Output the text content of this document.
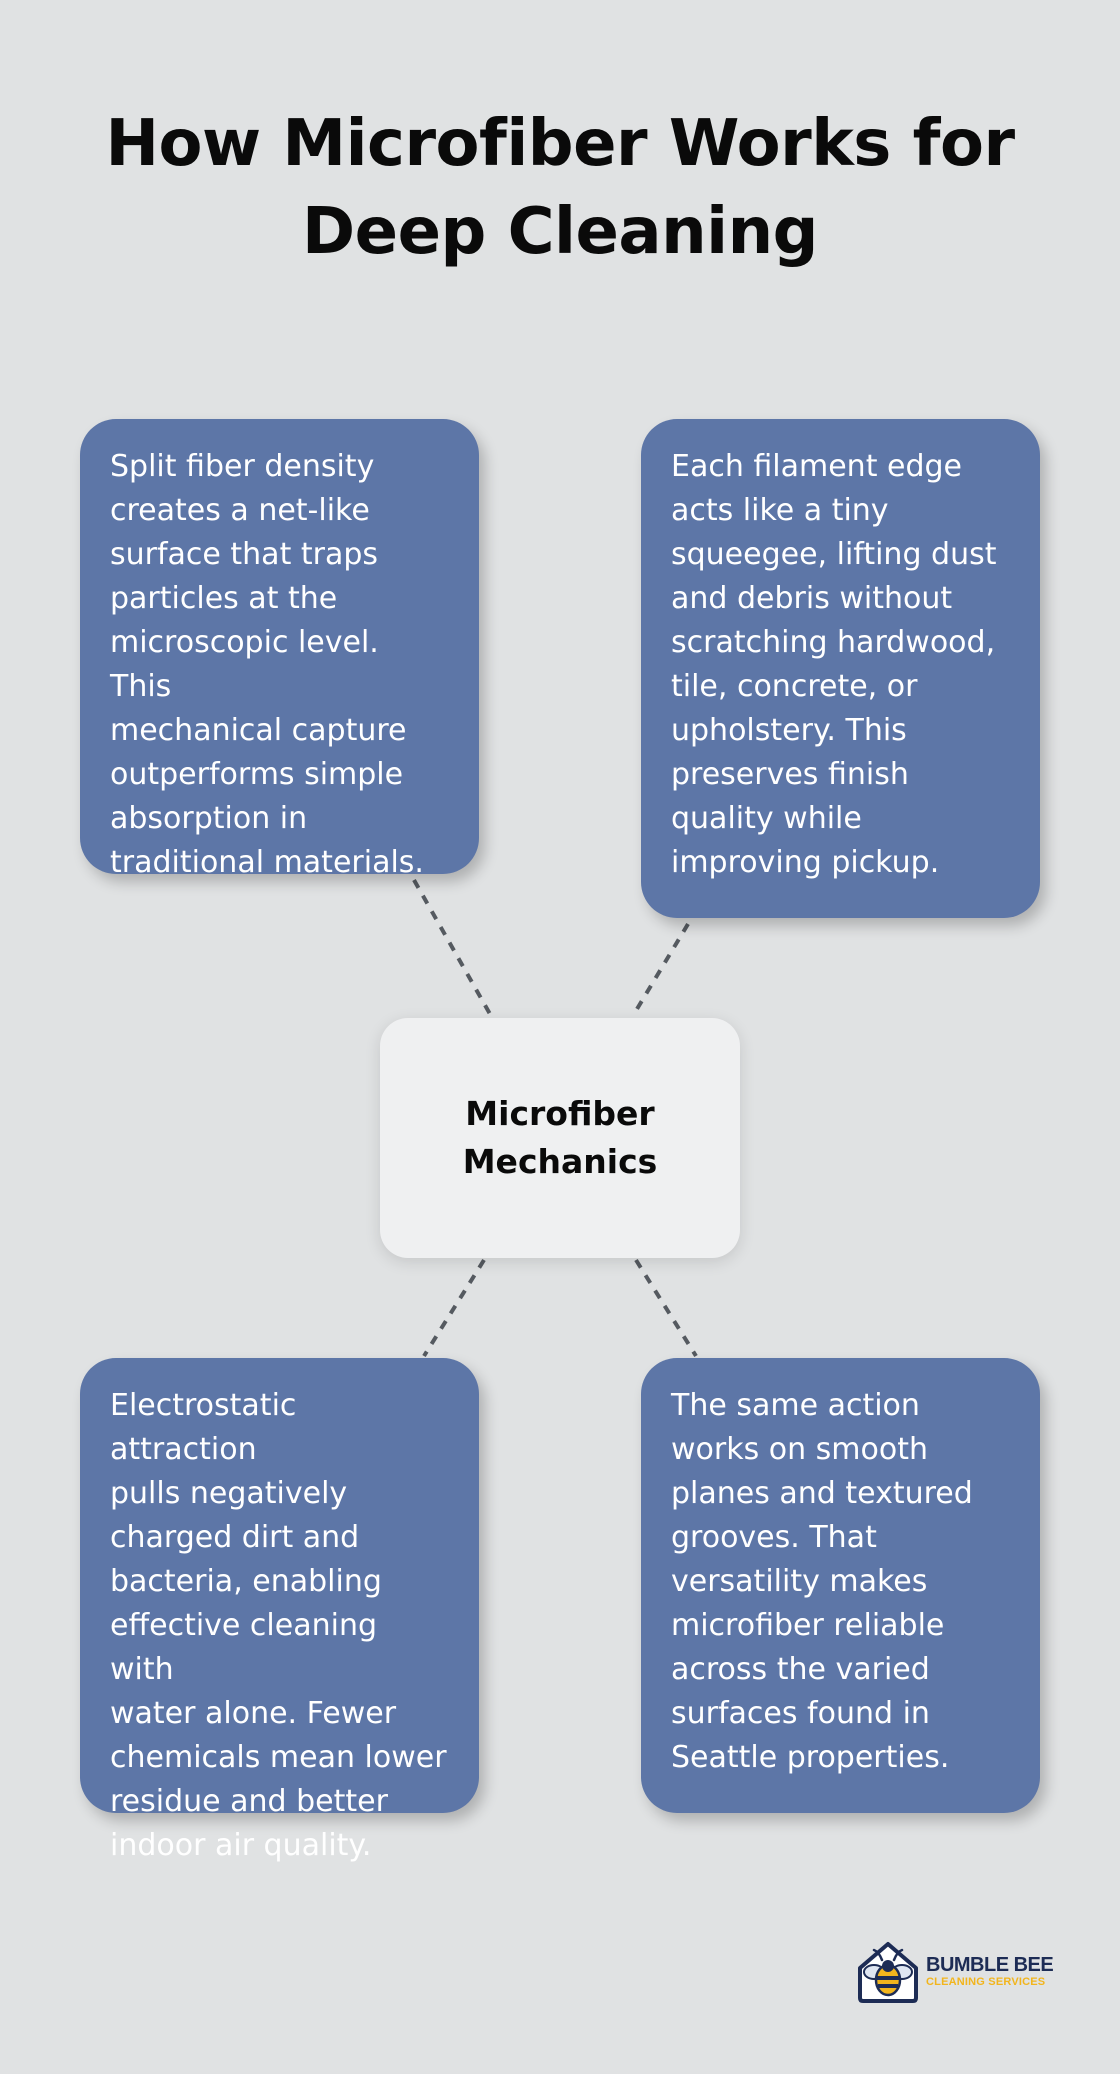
How Microfiber Works for
Deep Cleaning
Split fiber density
creates a net-like
surface that traps
particles at the
microscopic level. This
mechanical capture
outperforms simple
absorption in
traditional materials.
Each filament edge
acts like a tiny
squeegee, lifting dust
and debris without
scratching hardwood,
tile, concrete, or
upholstery. This
preserves finish
quality while
improving pickup.
Microfiber
Mechanics
Electrostatic attraction
pulls negatively
charged dirt and
bacteria, enabling
effective cleaning with
water alone. Fewer
chemicals mean lower
residue and better
indoor air quality.
The same action
works on smooth
planes and textured
grooves. That
versatility makes
microfiber reliable
across the varied
surfaces found in
Seattle properties.
BUMBLE BEE
CLEANING SERVICES
